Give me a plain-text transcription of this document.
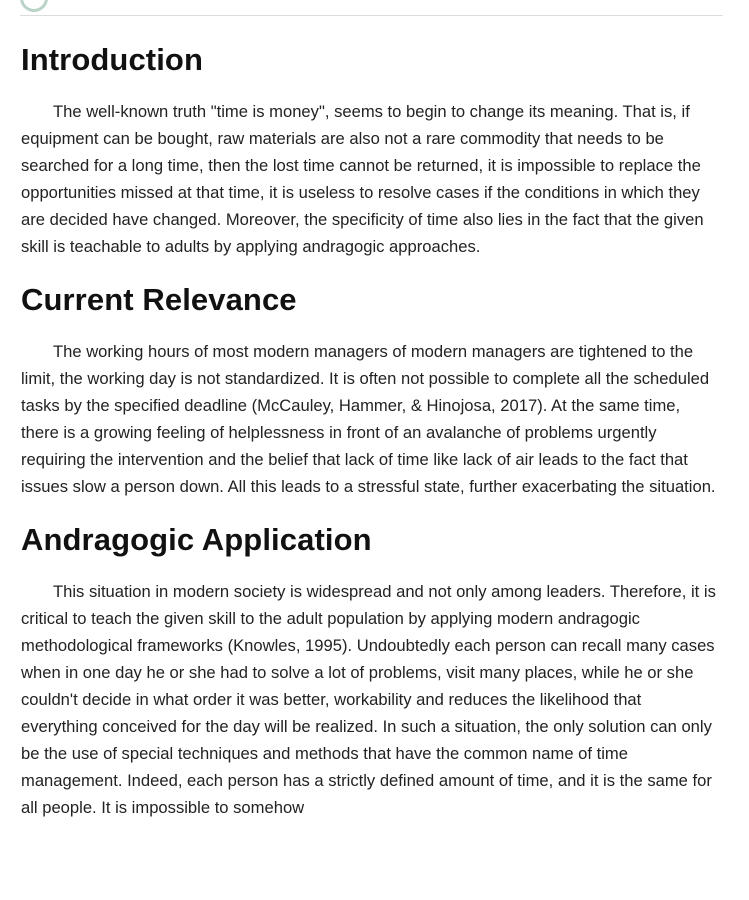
Introduction

The well-known truth "time is money", seems to begin to change its meaning. That is, if equipment can be bought, raw materials are also not a rare commodity that needs to be searched for a long time, then the lost time cannot be returned, it is impossible to replace the opportunities missed at that time, it is useless to resolve cases if the conditions in which they are decided have changed. Moreover, the specificity of time also lies in the fact that the given skill is teachable to adults by applying andragogic approaches.

Current Relevance

The working hours of most modern managers of modern managers are tightened to the limit, the working day is not standardized. It is often not possible to complete all the scheduled tasks by the specified deadline (McCauley, Hammer, & Hinojosa, 2017). At the same time, there is a growing feeling of helplessness in front of an avalanche of problems urgently requiring the intervention and the belief that lack of time like lack of air leads to the fact that issues slow a person down. All this leads to a stressful state, further exacerbating the situation.

Andragogic Application

This situation in modern society is widespread and not only among leaders. Therefore, it is critical to teach the given skill to the adult population by applying modern andragogic methodological frameworks (Knowles, 1995). Undoubtedly each person can recall many cases when in one day he or she had to solve a lot of problems, visit many places, while he or she couldn't decide in what order it was better, workability and reduces the likelihood that everything conceived for the day will be realized. In such a situation, the only solution can only be the use of special techniques and methods that have the common name of time management. Indeed, each person has a strictly defined amount of time, and it is the same for all people. It is impossible to somehow
